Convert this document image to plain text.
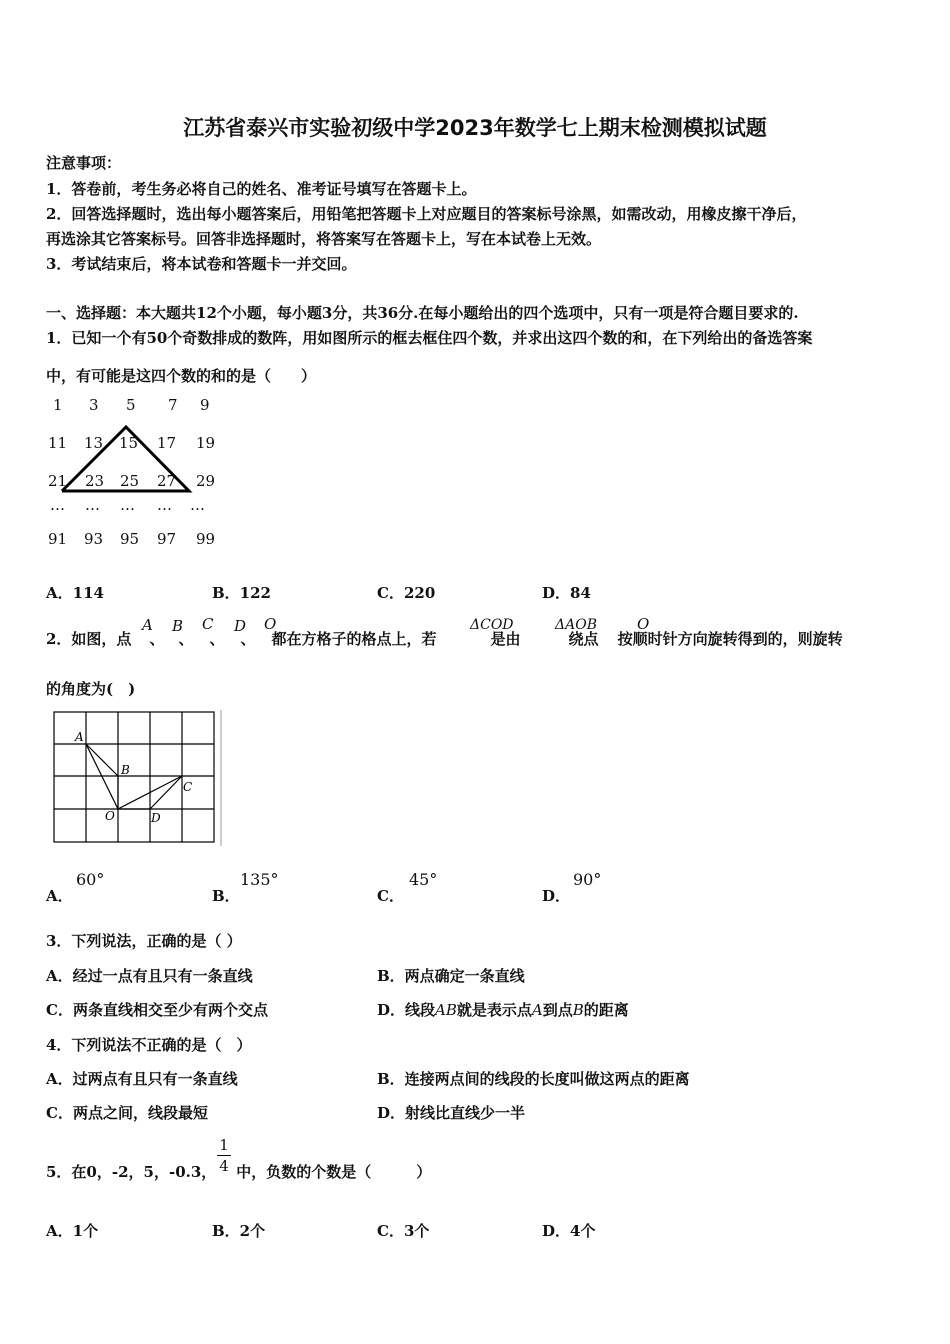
江苏省泰兴市实验初级中学2023年数学七上期末检测模拟试题
注意事项：
1．答卷前，考生务必将自己的姓名、准考证号填写在答题卡上。
2．回答选择题时，选出每小题答案后，用铅笔把答题卡上对应题目的答案标号涂黑，如需改动，用橡皮擦干净后，
再选涂其它答案标号。回答非选择题时，将答案写在答题卡上，写在本试卷上无效。
3．考试结束后，将本试卷和答题卡一并交回。
一、选择题：本大题共12个小题，每小题3分，共36分.在每小题给出的四个选项中，只有一项是符合题目要求的.
1．已知一个有50个奇数排成的数阵，用如图所示的框去框住四个数，并求出这四个数的和，在下列给出的备选答案
中，有可能是这四个数的和的是（　　）
1 3 5 7 9
11 13 15 17 19
21 23 25 27 29
… … … … …
91 93 95 97 99
A．114	B．122	C．220	D．84
2．如图，点 、 、 、 、 都在方格子的格点上，若	是由	绕点 按顺时针方向旋转得到的，则旋转
A B C D O	ΔCOD	ΔAOB	O
的角度为(　)
A
B
C
O	D
A．
60°
B．
135°
C．
45°
D．
90°
3．下列说法，正确的是（ ）
A．经过一点有且只有一条直线	B．两点确定一条直线
C．两条直线相交至少有两个交点	D．线段AB就是表示点A到点B的距离
4．下列说法不正确的是（　）
A．过两点有且只有一条直线	B．连接两点间的线段的长度叫做这两点的距离
C．两点之间，线段最短	D．射线比直线少一半
5．在0，-2，5，-0.3， 中，负数的个数是（　　　）
1
4
A．1个	B．2个	C．3个	D．4个
